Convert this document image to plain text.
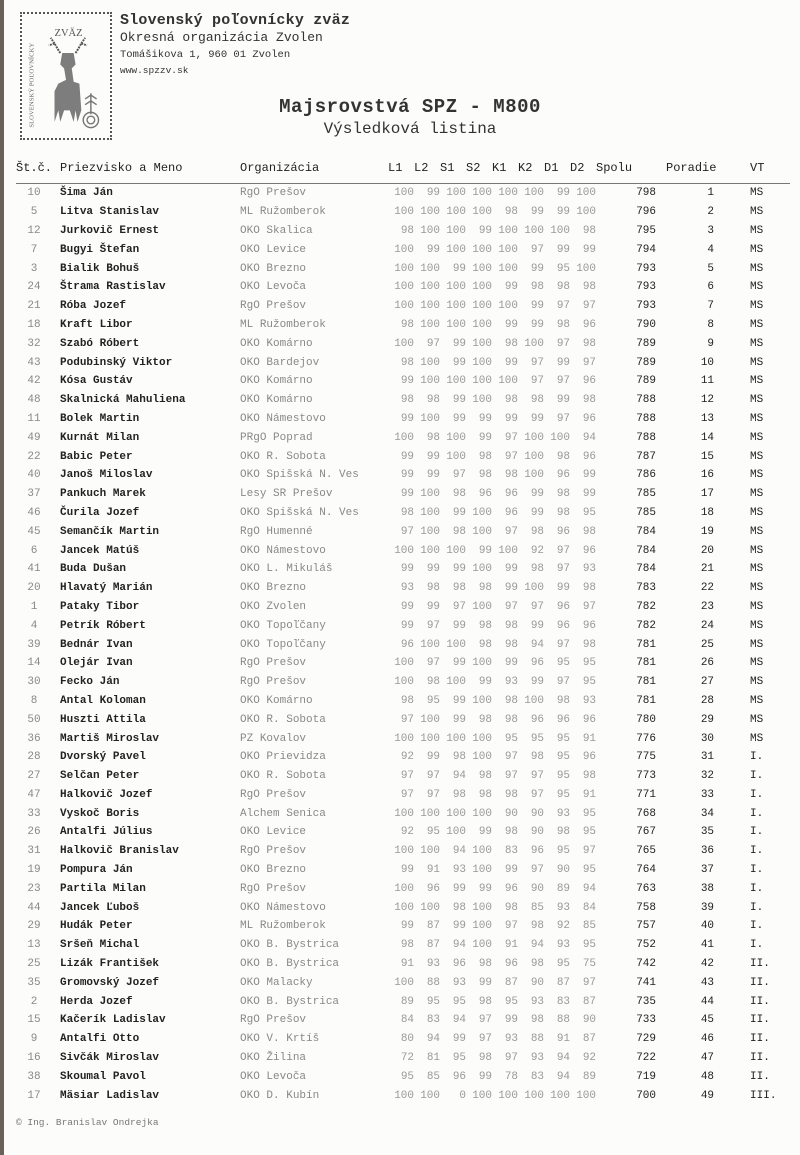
ZVÄZ
SLOVENSKÝ POĽOVNÍCKY
Slovenský poľovnícky zväz
Okresná organizácia Zvolen
Tomášikova 1, 960 01 Zvolen
www.spzzv.sk
Majsrovstvá SPZ - M800
Výsledková listina
Št.č.	Priezvisko a Meno	Organizácia	L1	L2	S1	S2	K1	K2	D1	D2	Spolu	Poradie	VT
10	Šima Ján	RgO Prešov	100	99	100	100	100	100	99	100	798	1	MS
5	Litva Stanislav	ML Ružomberok	100	100	100	100	98	99	99	100	796	2	MS
12	Jurkovič Ernest	OKO Skalica	98	100	100	99	100	100	100	98	795	3	MS
7	Bugyi Štefan	OKO Levice	100	99	100	100	100	97	99	99	794	4	MS
3	Bialik Bohuš	OKO Brezno	100	100	99	100	100	99	95	100	793	5	MS
24	Štrama Rastislav	OKO Levoča	100	100	100	100	99	98	98	98	793	6	MS
21	Róba Jozef	RgO Prešov	100	100	100	100	100	99	97	97	793	7	MS
18	Kraft Libor	ML Ružomberok	98	100	100	100	99	99	98	96	790	8	MS
32	Szabó Róbert	OKO Komárno	100	97	99	100	98	100	97	98	789	9	MS
43	Podubinský Viktor	OKO Bardejov	98	100	99	100	99	97	99	97	789	10	MS
42	Kósa Gustáv	OKO Komárno	99	100	100	100	100	97	97	96	789	11	MS
48	Skalnická Mahuliena	OKO Komárno	98	98	99	100	98	98	99	98	788	12	MS
11	Bolek Martin	OKO Námestovo	99	100	99	99	99	99	97	96	788	13	MS
49	Kurnát Milan	PRgO Poprad	100	98	100	99	97	100	100	94	788	14	MS
22	Babic Peter	OKO R. Sobota	99	99	100	98	97	100	98	96	787	15	MS
40	Janoš Miloslav	OKO Spišská N. Ves	99	99	97	98	98	100	96	99	786	16	MS
37	Pankuch Marek	Lesy SR Prešov	99	100	98	96	96	99	98	99	785	17	MS
46	Čurila Jozef	OKO Spišská N. Ves	98	100	99	100	96	99	98	95	785	18	MS
45	Semančík Martin	RgO Humenné	97	100	98	100	97	98	96	98	784	19	MS
6	Jancek Matúš	OKO Námestovo	100	100	100	99	100	92	97	96	784	20	MS
41	Buda Dušan	OKO L. Mikuláš	99	99	99	100	99	98	97	93	784	21	MS
20	Hlavatý Marián	OKO Brezno	93	98	98	98	99	100	99	98	783	22	MS
1	Pataky Tibor	OKO Zvolen	99	99	97	100	97	97	96	97	782	23	MS
4	Petrík Róbert	OKO Topoľčany	99	97	99	98	98	99	96	96	782	24	MS
39	Bednár Ivan	OKO Topoľčany	96	100	100	98	98	94	97	98	781	25	MS
14	Olejár Ivan	RgO Prešov	100	97	99	100	99	96	95	95	781	26	MS
30	Fecko Ján	RgO Prešov	100	98	100	99	93	99	97	95	781	27	MS
8	Antal Koloman	OKO Komárno	98	95	99	100	98	100	98	93	781	28	MS
50	Huszti Attila	OKO R. Sobota	97	100	99	98	98	96	96	96	780	29	MS
36	Martiš Miroslav	PZ Kovalov	100	100	100	100	95	95	95	91	776	30	MS
28	Dvorský Pavel	OKO Prievidza	92	99	98	100	97	98	95	96	775	31	I.
27	Selčan Peter	OKO R. Sobota	97	97	94	98	97	97	95	98	773	32	I.
47	Halkovič Jozef	RgO Prešov	97	97	98	98	98	97	95	91	771	33	I.
33	Vyskoč Boris	Alchem Senica	100	100	100	100	90	90	93	95	768	34	I.
26	Antalfi Július	OKO Levice	92	95	100	99	98	90	98	95	767	35	I.
31	Halkovič Branislav	RgO Prešov	100	100	94	100	83	96	95	97	765	36	I.
19	Pompura Ján	OKO Brezno	99	91	93	100	99	97	90	95	764	37	I.
23	Partila Milan	RgO Prešov	100	96	99	99	96	90	89	94	763	38	I.
44	Jancek Ľuboš	OKO Námestovo	100	100	98	100	98	85	93	84	758	39	I.
29	Hudák Peter	ML Ružomberok	99	87	99	100	97	98	92	85	757	40	I.
13	Sršeň Michal	OKO B. Bystrica	98	87	94	100	91	94	93	95	752	41	I.
25	Lizák František	OKO B. Bystrica	91	93	96	98	96	98	95	75	742	42	II.
35	Gromovský Jozef	OKO Malacky	100	88	93	99	87	90	87	97	741	43	II.
2	Herda Jozef	OKO B. Bystrica	89	95	95	98	95	93	83	87	735	44	II.
15	Kačerík Ladislav	RgO Prešov	84	83	94	97	99	98	88	90	733	45	II.
9	Antalfi Otto	OKO V. Krtíš	80	94	99	97	93	88	91	87	729	46	II.
16	Sivčák Miroslav	OKO Žilina	72	81	95	98	97	93	94	92	722	47	II.
38	Skoumal Pavol	OKO Levoča	95	85	96	99	78	83	94	89	719	48	II.
17	Mäsiar Ladislav	OKO D. Kubín	100	100	0	100	100	100	100	100	700	49	III.
© Ing. Branislav Ondrejka
